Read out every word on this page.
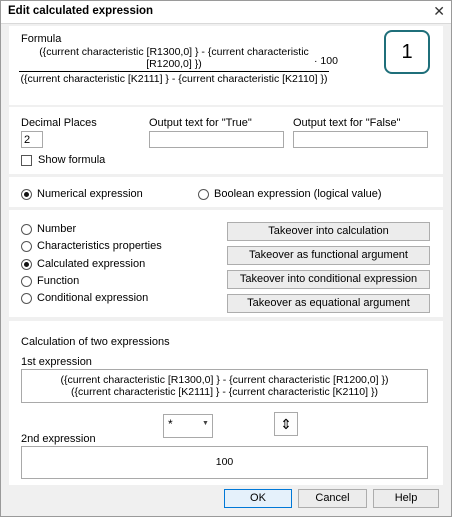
Edit calculated expression	✕
Formula
({current characteristic [R1300,0] } - {current characteristic [R1200,0] })
({current characteristic [K2111] } - {current characteristic [K2110] })
· 100	1
Decimal Places
2	Output text for "True"	Output text for "False"
Show formula
Numerical expression	Boolean expression (logical value)
Number
Characteristics properties
Calculated expression
Function
Conditional expression
Takeover into calculation
Takeover as functional argument
Takeover into conditional expression
Takeover as equational argument
Calculation of two expressions
1st expression
({current characteristic [R1300,0] } - {current characteristic [R1200,0] })
({current characteristic [K2111] } - {current characteristic [K2110] })
*	▼	⇕
2nd expression
100
OK	Cancel	Help
